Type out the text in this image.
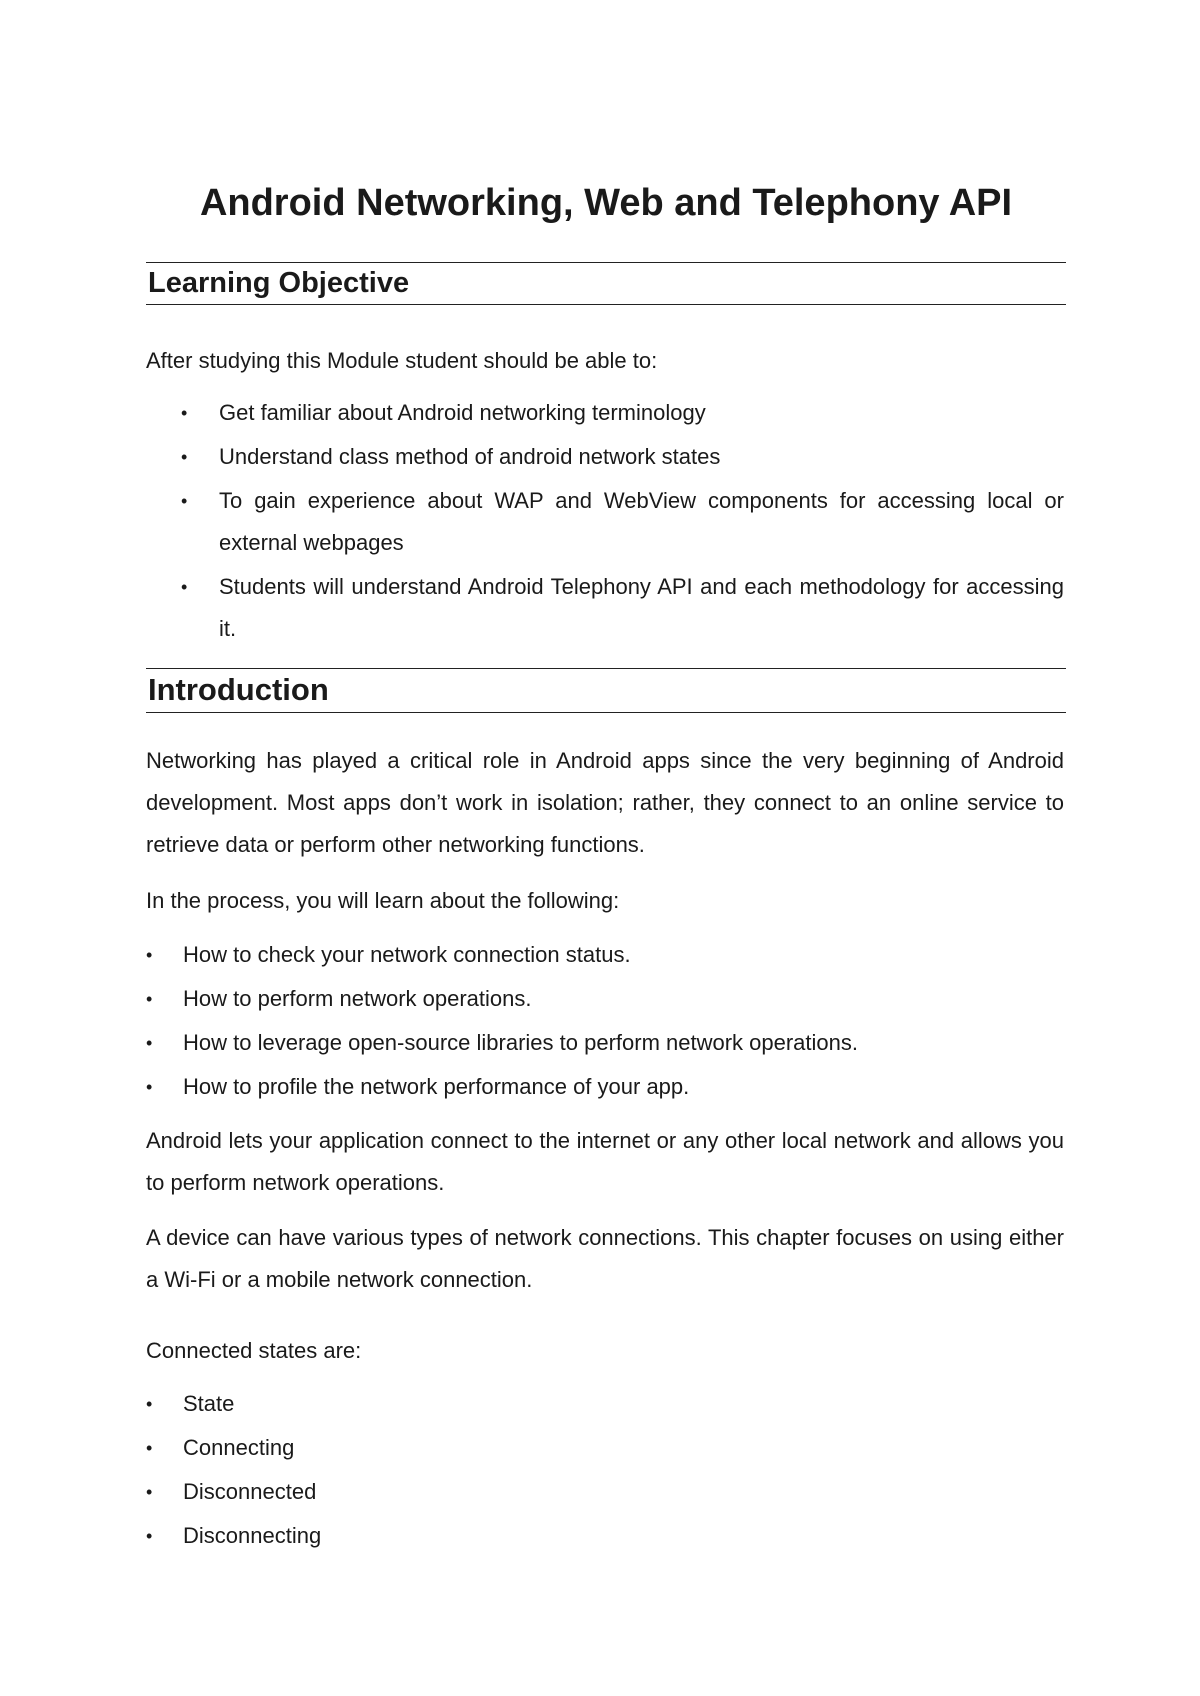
Android Networking, Web and Telephony API
Learning Objective

After studying this Module student should be able to:

• Get familiar about Android networking terminology
• Understand class method of android network states
• To gain experience about WAP and WebView components for accessing local or external webpages
• Students will understand Android Telephony API and each methodology for accessing it.
Introduction

Networking has played a critical role in Android apps since the very beginning of Android development. Most apps don’t work in isolation; rather, they connect to an online service to retrieve data or perform other networking functions.

In the process, you will learn about the following:

• How to check your network connection status.
• How to perform network operations.
• How to leverage open-source libraries to perform network operations.
• How to profile the network performance of your app.

Android lets your application connect to the internet or any other local network and allows you to perform network operations.

A device can have various types of network connections. This chapter focuses on using either a Wi-Fi or a mobile network connection.

Connected states are:

• State
• Connecting
• Disconnected
• Disconnecting
